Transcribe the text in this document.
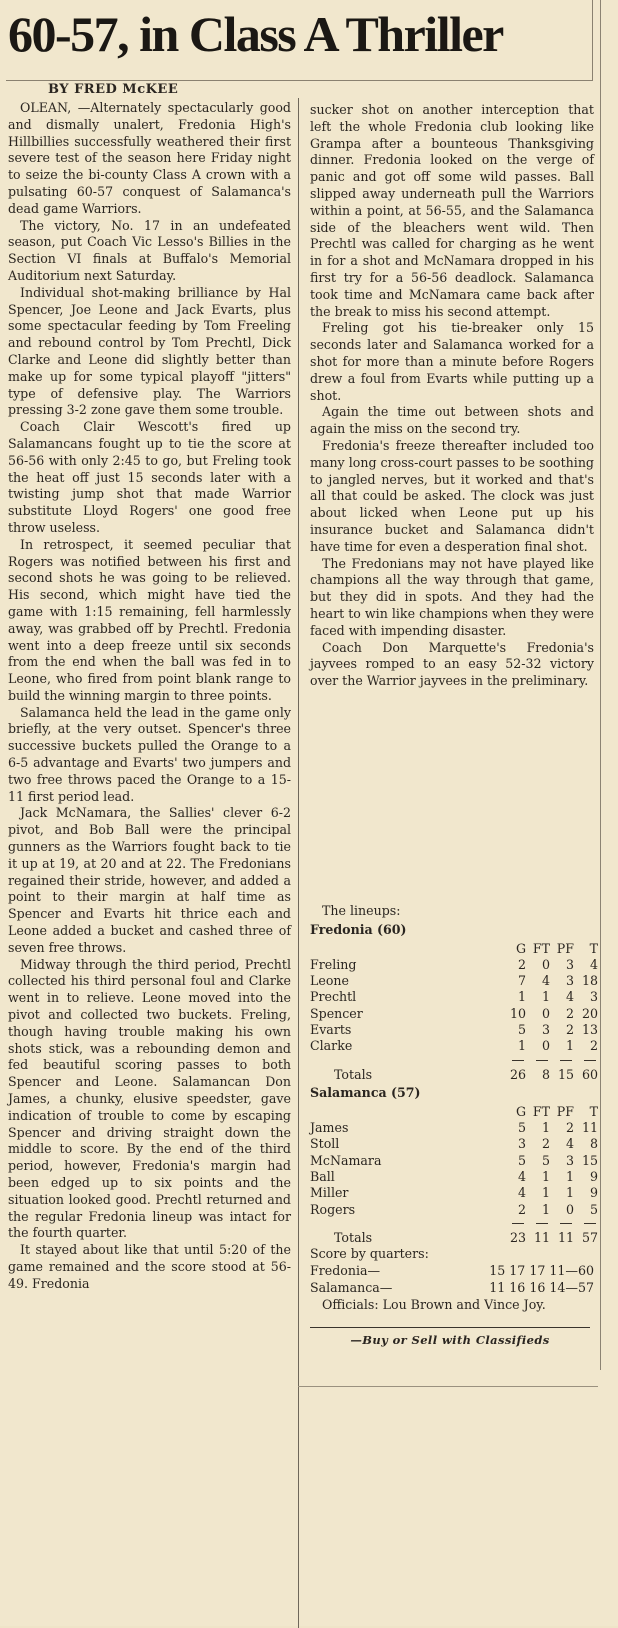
60-57, in Class A Thriller
BY FRED McKEE

OLEAN, —Alternately spectacularly good and dismally unalert, Fredonia High's Hillbillies successfully weathered their first severe test of the season here Friday night to seize the bi-county Class A crown with a pulsating 60-57 conquest of Salamanca's dead game Warriors.

The victory, No. 17 in an undefeated season, put Coach Vic Lesso's Billies in the Section VI finals at Buffalo's Memorial Auditorium next Saturday.

Individual shot-making brilliance by Hal Spencer, Joe Leone and Jack Evarts, plus some spectacular feeding by Tom Freeling and rebound control by Tom Prechtl, Dick Clarke and Leone did slightly better than make up for some typical playoff "jitters" type of defensive play. The Warriors pressing 3-2 zone gave them some trouble.

Coach Clair Wescott's fired up Salamancans fought up to tie the score at 56-56 with only 2:45 to go, but Freling took the heat off just 15 seconds later with a twisting jump shot that made Warrior substitute Lloyd Rogers' one good free throw useless.

In retrospect, it seemed peculiar that Rogers was notified between his first and second shots he was going to be relieved. His second, which might have tied the game with 1:15 remaining, fell harmlessly away, was grabbed off by Prechtl. Fredonia went into a deep freeze until six seconds from the end when the ball was fed in to Leone, who fired from point blank range to build the winning margin to three points.

Salamanca held the lead in the game only briefly, at the very outset. Spencer's three successive buckets pulled the Orange to a 6-5 advantage and Evarts' two jumpers and two free throws paced the Orange to a 15-11 first period lead.

Jack McNamara, the Sallies' clever 6-2 pivot, and Bob Ball were the principal gunners as the Warriors fought back to tie it up at 19, at 20 and at 22. The Fredonians regained their stride, however, and added a point to their margin at half time as Spencer and Evarts hit thrice each and Leone added a bucket and cashed three of seven free throws.

Midway through the third period, Prechtl collected his third personal foul and Clarke went in to relieve. Leone moved into the pivot and collected two buckets. Freling, though having trouble making his own shots stick, was a rebounding demon and fed beautiful scoring passes to both Spencer and Leone. Salamancan Don James, a chunky, elusive speedster, gave indication of trouble to come by escaping Spencer and driving straight down the middle to score. By the end of the third period, however, Fredonia's margin had been edged up to six points and the situation looked good. Prechtl returned and the regular Fredonia lineup was intact for the fourth quarter.

It stayed about like that until 5:20 of the game remained and the score stood at 56-49. Fredonia

sucker shot on another interception that left the whole Fredonia club looking like Grampa after a bounteous Thanksgiving dinner. Fredonia looked on the verge of panic and got off some wild passes. Ball slipped away underneath pull the Warriors within a point, at 56-55, and the Salamanca side of the bleachers went wild. Then Prechtl was called for charging as he went in for a shot and McNamara dropped in his first try for a 56-56 deadlock. Salamanca took time and McNamara came back after the break to miss his second attempt.

Freling got his tie-breaker only 15 seconds later and Salamanca worked for a shot for more than a minute before Rogers drew a foul from Evarts while putting up a shot.

Again the time out between shots and again the miss on the second try.

Fredonia's freeze thereafter included too many long cross-court passes to be soothing to jangled nerves, but it worked and that's all that could be asked. The clock was just about licked when Leone put up his insurance bucket and Salamanca didn't have time for even a desperation final shot.

The Fredonians may not have played like champions all the way through that game, but they did in spots. And they had the heart to win like champions when they were faced with impending disaster.

Coach Don Marquette's Fredonia's jayvees romped to an easy 52-32 victory over the Warrior jayvees in the preliminary.

The lineups:
Fredonia (60)
	G	FT	PF	T
Freling	2	0	3	4
Leone	7	4	3	18
Prechtl	1	1	4	3
Spencer	10	0	2	20
Evarts	5	3	2	13
Clarke	1	0	1	2

Totals	26	8	15	60
Salamanca (57)
	G	FT	PF	T
James	5	1	2	11
Stoll	3	2	4	8
McNamara	5	5	3	15
Ball	4	1	1	9
Miller	4	1	1	9
Rogers	2	1	0	5

Totals	23	11	11	57
Score by quarters:
Fredonia—	15 17 17 11—60
Salamanca—	11 16 16 14—57
Officials: Lou Brown and Vince Joy.
—Buy or Sell with Classifieds
